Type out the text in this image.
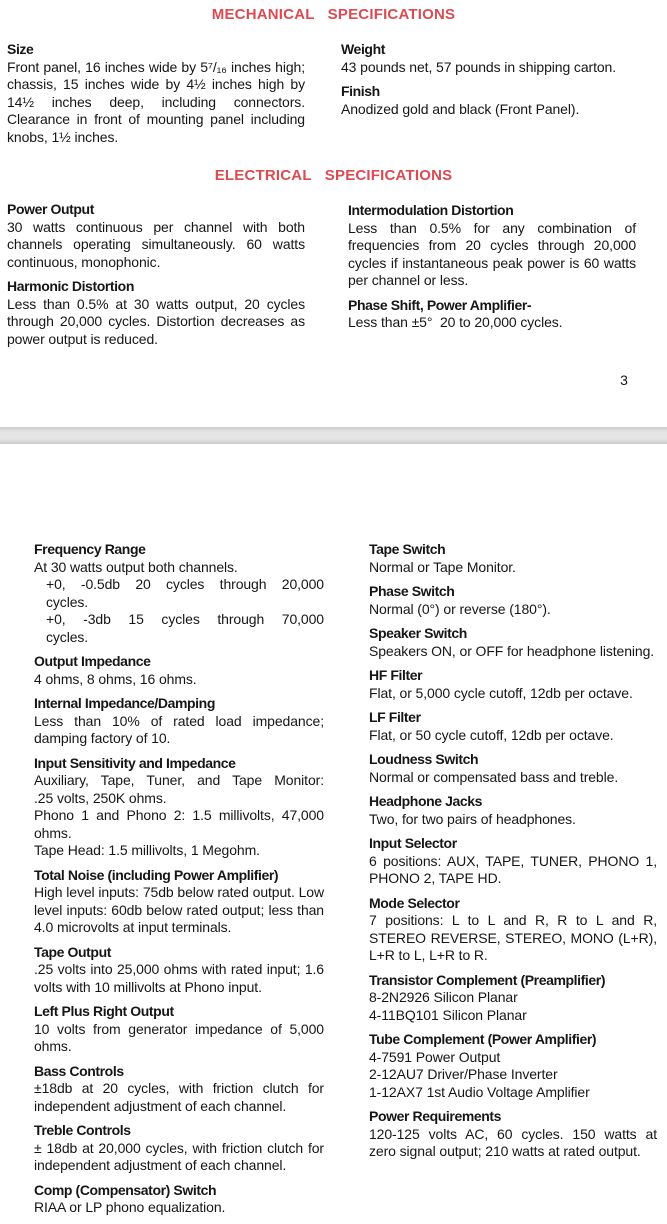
MECHANICAL SPECIFICATIONS
Size
Front panel, 16 inches wide by 5⁷/₁₆ inches high; chassis, 15 inches wide by 4½ inches high by 14½ inches deep, including connectors. Clearance in front of mounting panel including knobs, 1½ inches.
Weight
43 pounds net, 57 pounds in shipping carton.
Finish
Anodized gold and black (Front Panel).
ELECTRICAL SPECIFICATIONS
Power Output
30 watts continuous per channel with both channels operating simultaneously. 60 watts continuous, monophonic.
Harmonic Distortion
Less than 0.5% at 30 watts output, 20 cycles through 20,000 cycles. Distortion decreases as power output is reduced.
Intermodulation Distortion
Less than 0.5% for any combination of frequencies from 20 cycles through 20,000 cycles if instantaneous peak power is 60 watts per channel or less.
Phase Shift, Power Amplifier-
Less than ±5°  20 to 20,000 cycles.
3
Frequency Range
At 30 watts output both channels.
+0, -0.5db 20 cycles through 20,000
cycles.
+0, -3db 15 cycles through 70,000
cycles.
Output Impedance
4 ohms, 8 ohms, 16 ohms.
Internal Impedance/Damping
Less than 10% of rated load impedance;
damping factory of 10.
Input Sensitivity and Impedance
Auxiliary, Tape, Tuner, and Tape Monitor:
.25 volts, 250K ohms.
Phono 1 and Phono 2: 1.5 millivolts, 47,000
ohms.
Tape Head: 1.5 millivolts, 1 Megohm.
Total Noise (including Power Amplifier)
High level inputs: 75db below rated output. Low level inputs: 60db below rated output; less than 4.0 microvolts at input terminals.
Tape Output
.25 volts into 25,000 ohms with rated input; 1.6 volts with 10 millivolts at Phono input.
Left Plus Right Output
10 volts from generator impedance of 5,000 ohms.
Bass Controls
±18db at 20 cycles, with friction clutch for independent adjustment of each channel.
Treble Controls
± 18db at 20,000 cycles, with friction clutch for independent adjustment of each channel.
Comp (Compensator) Switch
RIAA or LP phono equalization.
Tape Switch
Normal or Tape Monitor.
Phase Switch
Normal (0°) or reverse (180°).
Speaker Switch
Speakers ON, or OFF for headphone listening.
HF Filter
Flat, or 5,000 cycle cutoff, 12db per octave.
LF Filter
Flat, or 50 cycle cutoff, 12db per octave.
Loudness Switch
Normal or compensated bass and treble.
Headphone Jacks
Two, for two pairs of headphones.
Input Selector
6 positions: AUX, TAPE, TUNER, PHONO 1,
PHONO 2, TAPE HD.
Mode Selector
7 positions: L to L and R, R to L and R,
STEREO REVERSE, STEREO, MONO (L+R),
L+R to L, L+R to R.
Transistor Complement (Preamplifier)
8-2N2926 Silicon Planar
4-11BQ101 Silicon Planar
Tube Complement (Power Amplifier)
4-7591 Power Output
2-12AU7 Driver/Phase Inverter
1-12AX7 1st Audio Voltage Amplifier
Power Requirements
120-125 volts AC, 60 cycles. 150 watts at
zero signal output; 210 watts at rated output.
